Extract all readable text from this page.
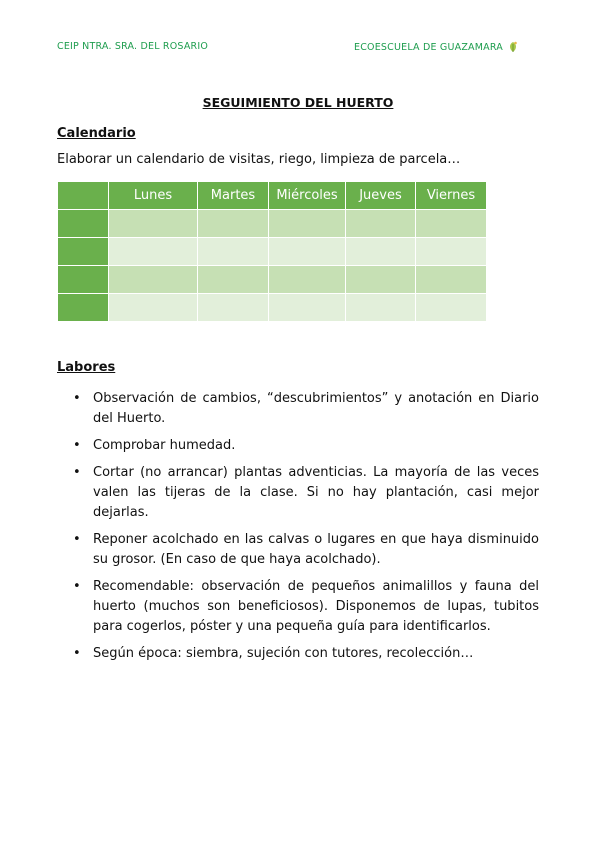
CEIP NTRA. SRA. DEL ROSARIO	ECOESCUELA DE GUAZAMARA
SEGUIMIENTO DEL HUERTO
Calendario
Elaborar un calendario de visitas, riego, limpieza de parcela…
	Lunes	Martes	Miércoles	Jueves	Viernes

Labores
• Observación de cambios, “descubrimientos” y anotación en Diario del Huerto.
• Comprobar humedad.
• Cortar (no arrancar) plantas adventicias. La mayoría de las veces valen las tijeras de la clase. Si no hay plantación, casi mejor dejarlas.
• Reponer acolchado en las calvas o lugares en que haya disminuido su grosor. (En caso de que haya acolchado).
• Recomendable: observación de pequeños animalillos y fauna del huerto (muchos son beneficiosos). Disponemos de lupas, tubitos para cogerlos, póster y una pequeña guía para identificarlos.
• Según época: siembra, sujeción con tutores, recolección…
